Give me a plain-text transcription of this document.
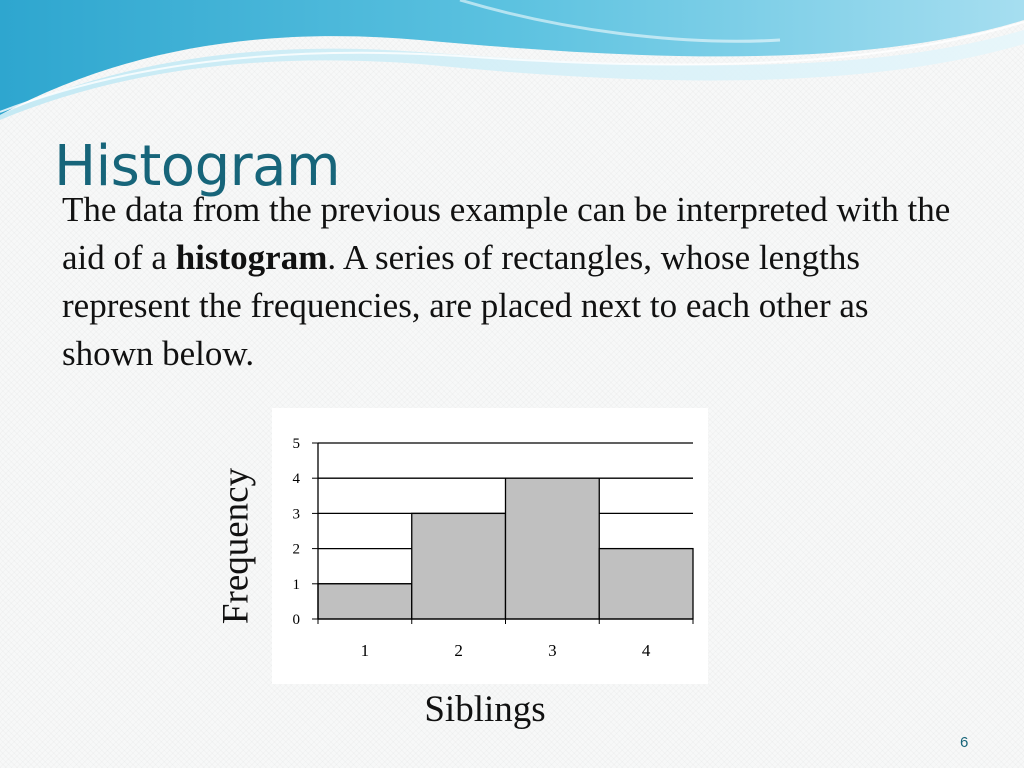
Histogram
The data from the previous example can be interpreted with the aid of a histogram. A series of rectangles, whose lengths represent the frequencies, are placed next to each other as shown below.
0
1
2
3
4
5
1	2	3	4
Frequency
Siblings
6
